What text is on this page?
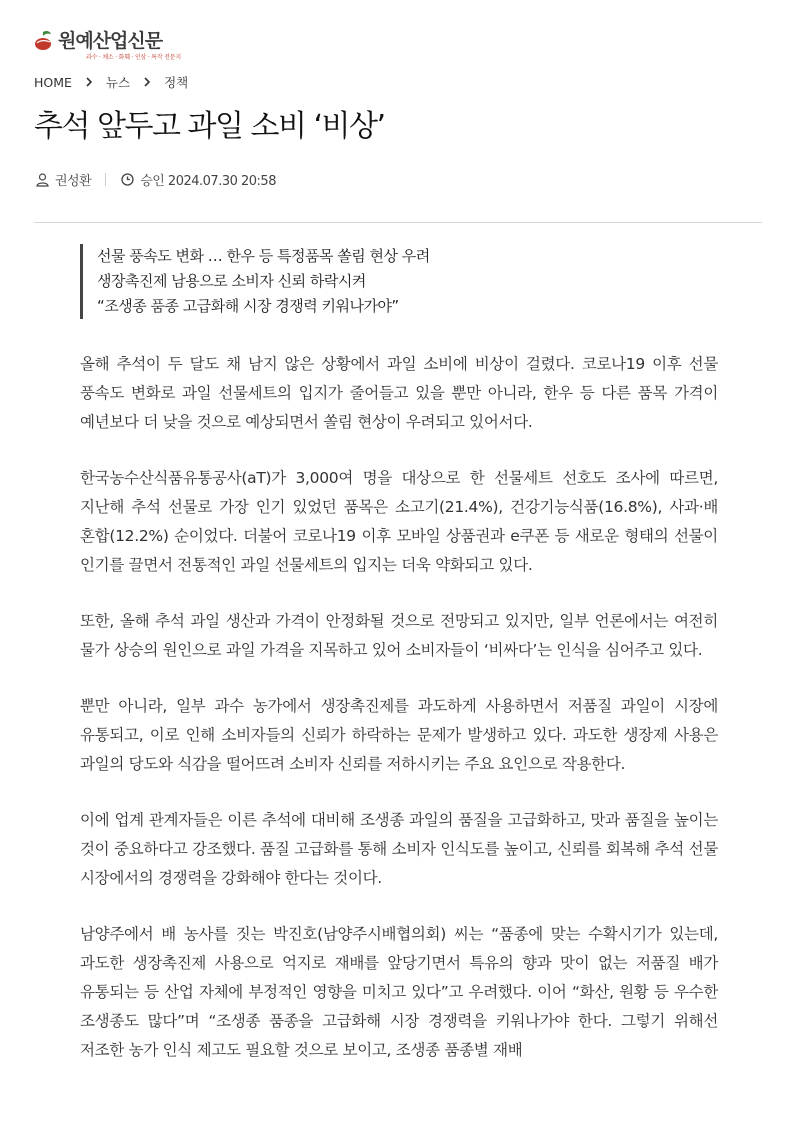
원예산업신문
과수 · 채소 · 화훼 · 인삼 · 특작 전문지
HOME	뉴스	정책
추석 앞두고 과일 소비 ‘비상’
권성환	승인 2024.07.30 20:58
선물 풍속도 변화 … 한우 등 특정품목 쏠림 현상 우려
생장촉진제 남용으로 소비자 신뢰 하락시켜
“조생종 품종 고급화해 시장 경쟁력 키워나가야”

올해 추석이 두 달도 채 남지 않은 상황에서 과일 소비에 비상이 걸렸다. 코로나19 이후 선물 풍속도 변화로 과일 선물세트의 입지가 줄어들고 있을 뿐만 아니라, 한우 등 다른 품목 가격이 예년보다 더 낮을 것으로 예상되면서 쏠림 현상이 우려되고 있어서다.

한국농수산식품유통공사(aT)가 3,000여 명을 대상으로 한 선물세트 선호도 조사에 따르면, 지난해 추석 선물로 가장 인기 있었던 품목은 소고기(21.4%), 건강기능식품(16.8%), 사과·배 혼합(12.2%) 순이었다. 더불어 코로나19 이후 모바일 상품권과 e쿠폰 등 새로운 형태의 선물이 인기를 끌면서 전통적인 과일 선물세트의 입지는 더욱 약화되고 있다.

또한, 올해 추석 과일 생산과 가격이 안정화될 것으로 전망되고 있지만, 일부 언론에서는 여전히 물가 상승의 원인으로 과일 가격을 지목하고 있어 소비자들이 ‘비싸다’는 인식을 심어주고 있다.

뿐만 아니라, 일부 과수 농가에서 생장촉진제를 과도하게 사용하면서 저품질 과일이 시장에 유통되고, 이로 인해 소비자들의 신뢰가 하락하는 문제가 발생하고 있다. 과도한 생장제 사용은 과일의 당도와 식감을 떨어뜨려 소비자 신뢰를 저하시키는 주요 요인으로 작용한다.

이에 업계 관계자들은 이른 추석에 대비해 조생종 과일의 품질을 고급화하고, 맛과 품질을 높이는 것이 중요하다고 강조했다. 품질 고급화를 통해 소비자 인식도를 높이고, 신뢰를 회복해 추석 선물 시장에서의 경쟁력을 강화해야 한다는 것이다.

남양주에서 배 농사를 짓는 박진호(남양주시배협의회) 씨는 “품종에 맞는 수확시기가 있는데, 과도한 생장촉진제 사용으로 억지로 재배를 앞당기면서 특유의 향과 맛이 없는 저품질 배가 유통되는 등 산업 자체에 부정적인 영향을 미치고 있다”고 우려했다. 이어 “화산, 원황 등 우수한 조생종도 많다”며 “조생종 품종을 고급화해 시장 경쟁력을 키워나가야 한다. 그렇기 위해선 저조한 농가 인식 제고도 필요할 것으로 보이고, 조생종 품종별 재배
